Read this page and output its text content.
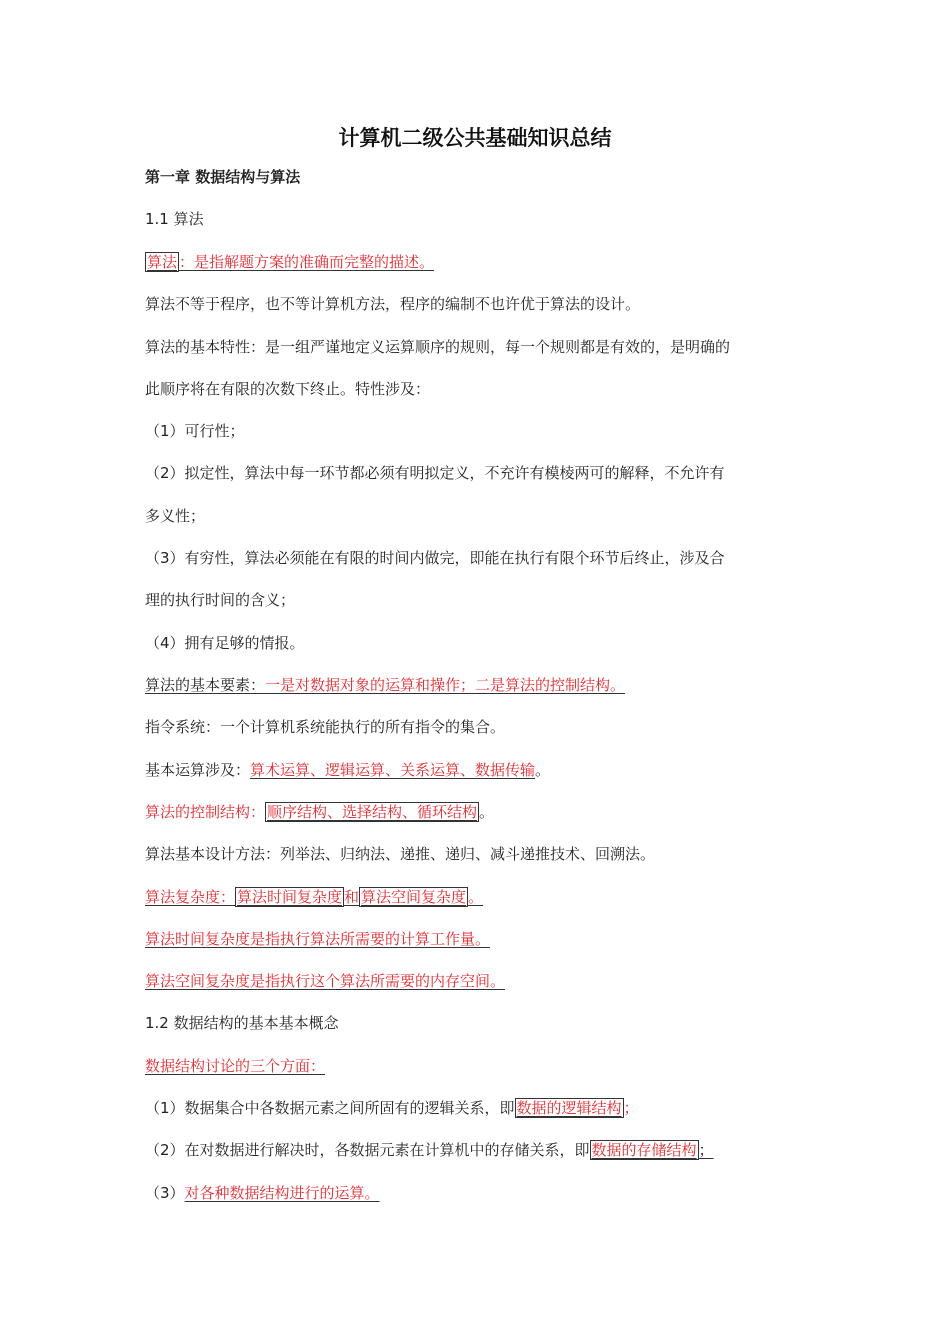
计算机二级公共基础知识总结
第一章 数据结构与算法
1.1 算法
算法 ：是指解题方案的准确而完整的描述。
算法不等于程序，也不等计算机方法，程序的编制不也许优于算法的设计。
算法的基本特性：是一组严谨地定义运算顺序的规则，每一个规则都是有效的，是明确的
此顺序将在有限的次数下终止。特性涉及：
（1）可行性；
（2）拟定性，算法中每一环节都必须有明拟定义，不充许有模棱两可的解释，不允许有
多义性；
（3）有穷性，算法必须能在有限的时间内做完，即能在执行有限个环节后终止，涉及合
理的执行时间的含义；
（4）拥有足够的情报。
算法的基本要素：一是对数据对象的运算和操作；二是算法的控制结构。
指令系统：一个计算机系统能执行的所有指令的集合。
基本运算涉及：算术运算、逻辑运算、关系运算、数据传输。
算法的控制结构： 顺序结构、选择结构、循环结构 。
算法基本设计方法：列举法、归纳法、递推、递归、减斗递推技术、回溯法。
算法复杂度： 算法时间复杂度 和 算法空间复杂度 。
算法时间复杂度是指执行算法所需要的计算工作量。
算法空间复杂度是指执行这个算法所需要的内存空间。
1.2 数据结构的基本基本概念
数据结构讨论的三个方面：
（1）数据集合中各数据元素之间所固有的逻辑关系，即 数据的逻辑结构 ；
（2）在对数据进行解决时，各数据元素在计算机中的存储关系，即 数据的存储结构 ；
（3）对各种数据结构进行的运算。
